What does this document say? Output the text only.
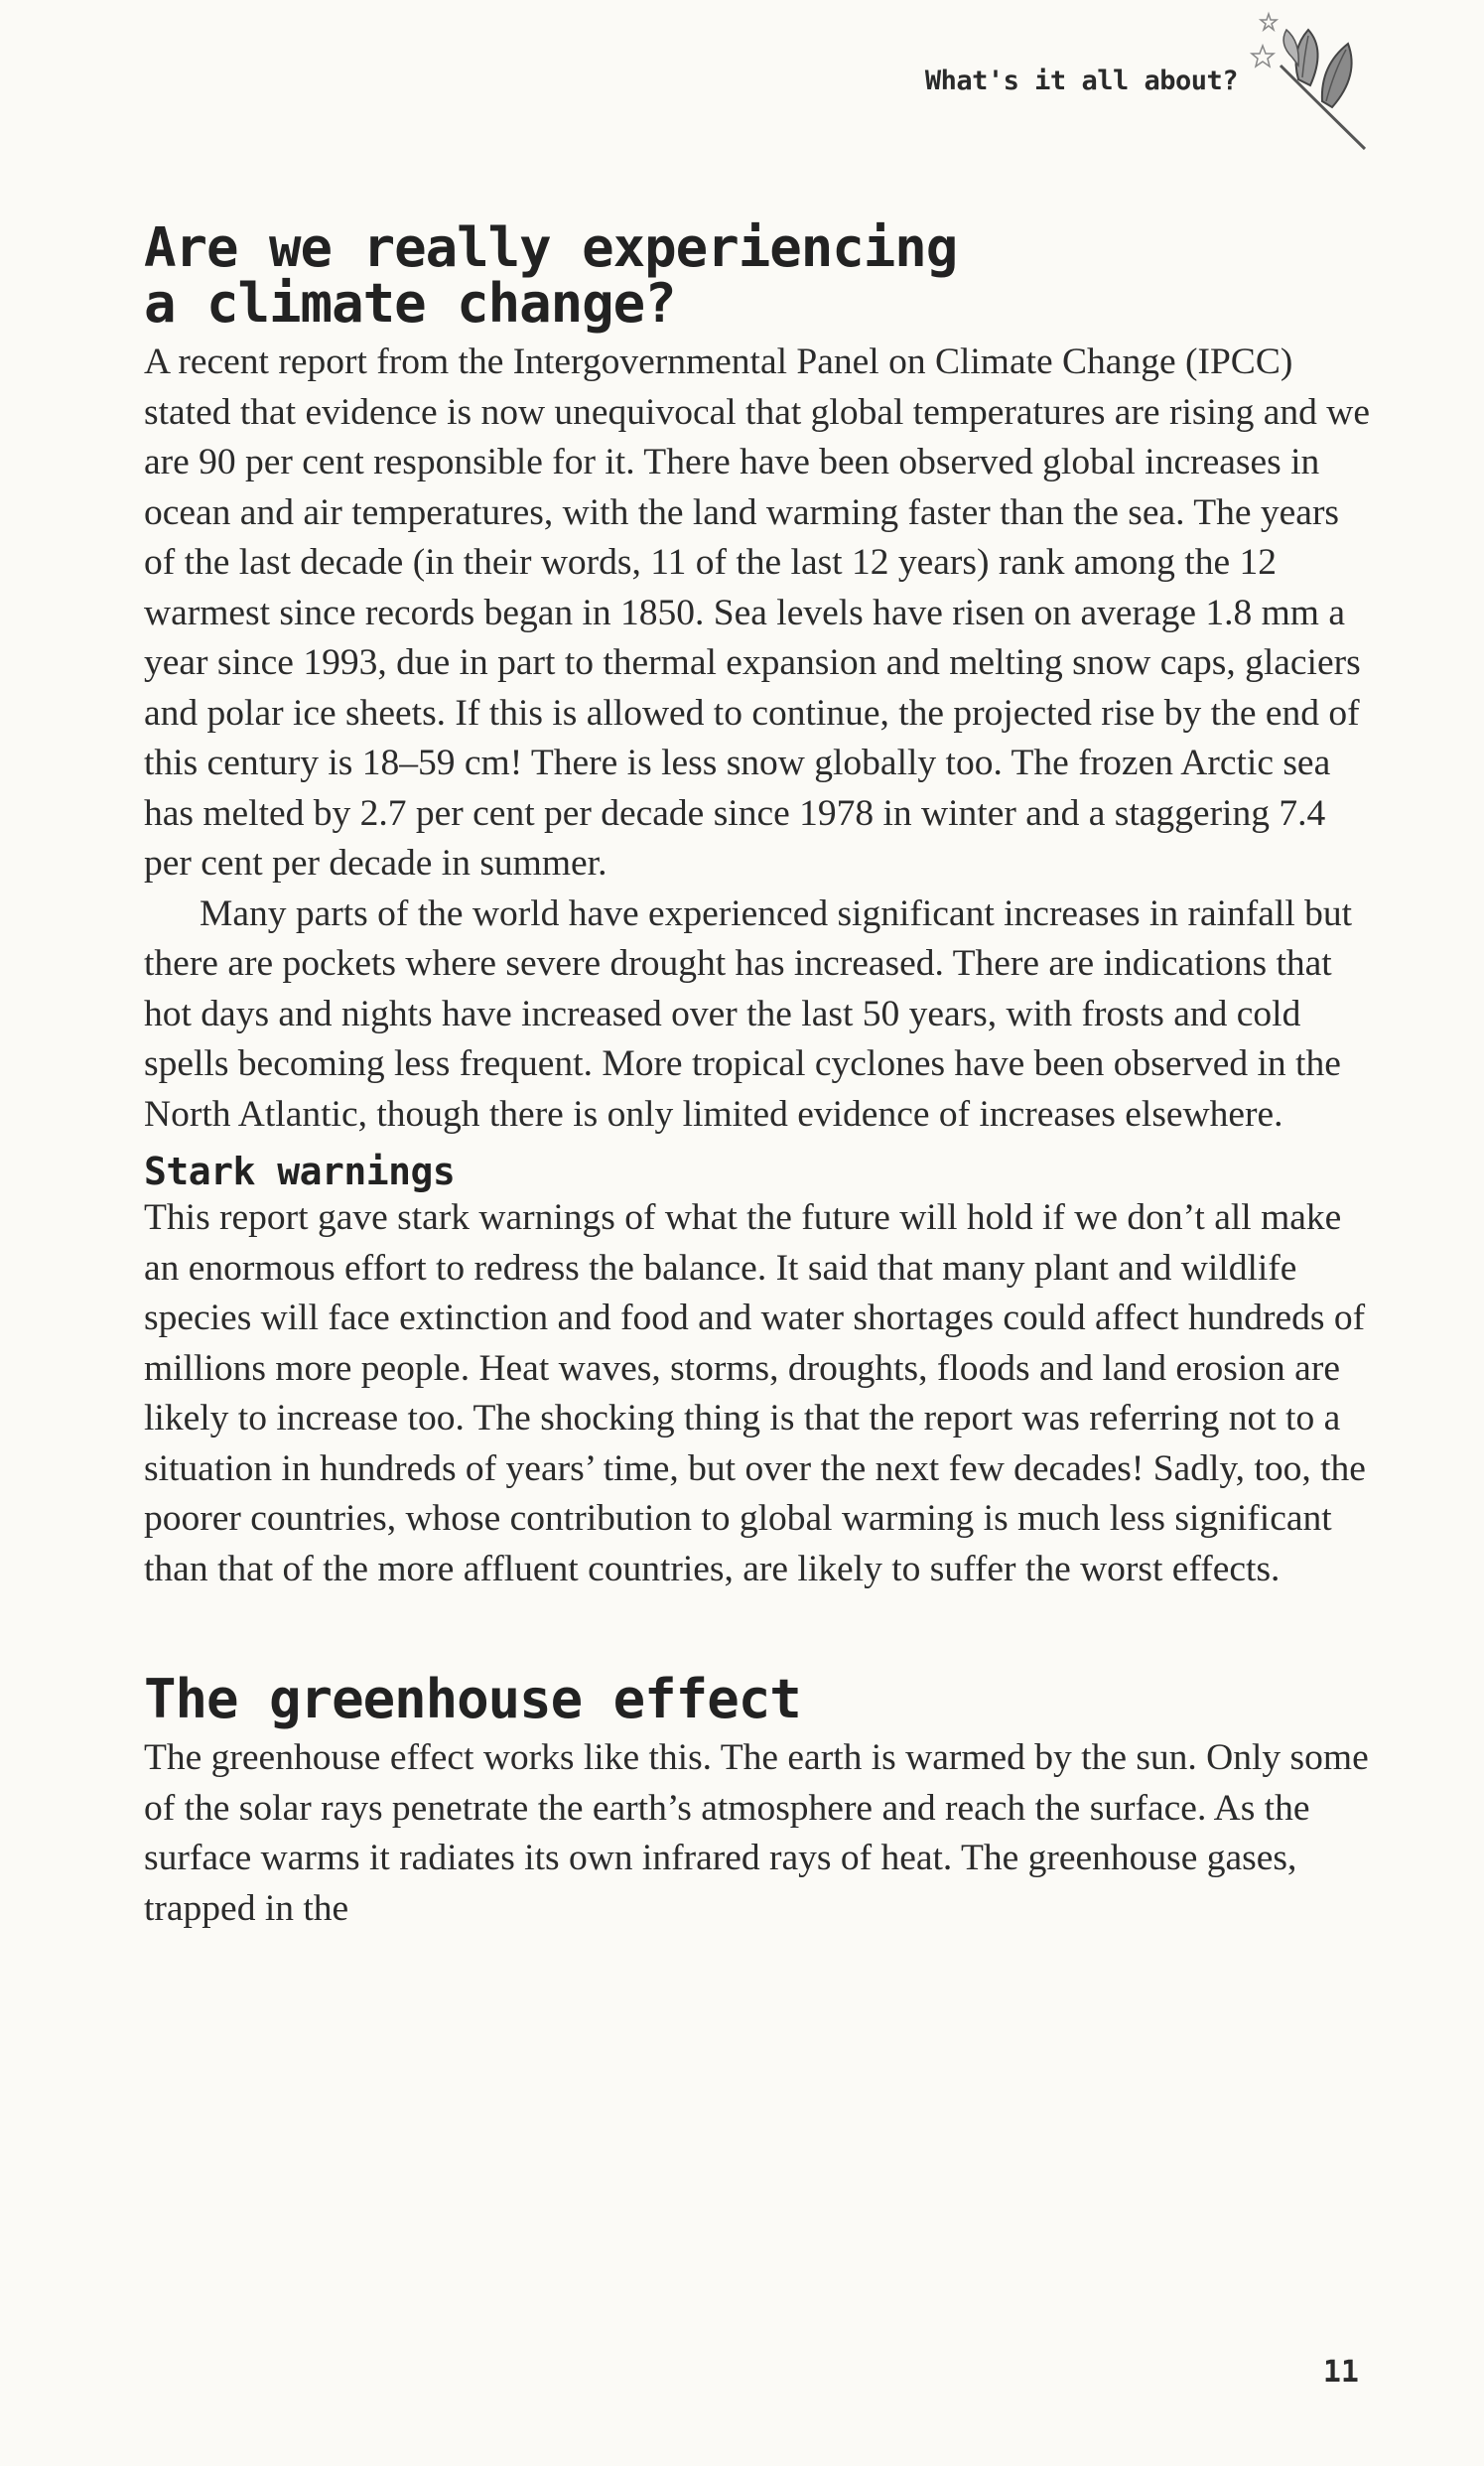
What's it all about?
Are we really experiencing a climate change?

A recent report from the Intergovernmental Panel on Climate Change (IPCC) stated that evidence is now unequivocal that global temperatures are rising and we are 90 per cent responsible for it. There have been observed global increases in ocean and air temperatures, with the land warming faster than the sea. The years of the last decade (in their words, 11 of the last 12 years) rank among the 12 warmest since records began in 1850. Sea levels have risen on average 1.8 mm a year since 1993, due in part to thermal expansion and melting snow caps, glaciers and polar ice sheets. If this is allowed to continue, the projected rise by the end of this century is 18–59 cm! There is less snow globally too. The frozen Arctic sea has melted by 2.7 per cent per decade since 1978 in winter and a staggering 7.4 per cent per decade in summer.

Many parts of the world have experienced significant increases in rainfall but there are pockets where severe drought has increased. There are indications that hot days and nights have increased over the last 50 years, with frosts and cold spells becoming less frequent. More tropical cyclones have been observed in the North Atlantic, though there is only limited evidence of increases elsewhere.

Stark warnings

This report gave stark warnings of what the future will hold if we don’t all make an enormous effort to redress the balance. It said that many plant and wildlife species will face extinction and food and water shortages could affect hundreds of millions more people. Heat waves, storms, droughts, floods and land erosion are likely to increase too. The shocking thing is that the report was referring not to a situation in hundreds of years’ time, but over the next few decades! Sadly, too, the poorer countries, whose contribution to global warming is much less significant than that of the more affluent countries, are likely to suffer the worst effects.

The greenhouse effect

The greenhouse effect works like this. The earth is warmed by the sun. Only some of the solar rays penetrate the earth’s atmosphere and reach the surface. As the surface warms it radiates its own infrared rays of heat. The greenhouse gases, trapped in the

11
